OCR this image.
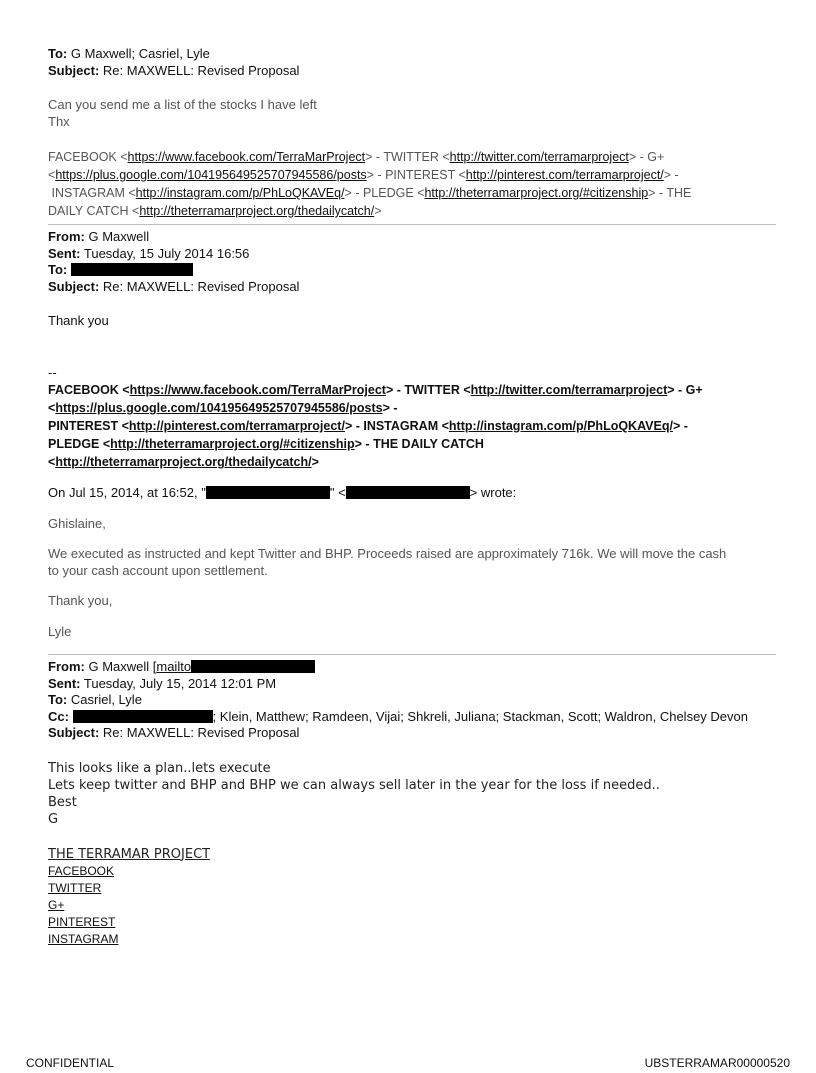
To: G Maxwell; Casriel, Lyle
Subject: Re: MAXWELL: Revised Proposal
Can you send me a list of the stocks I have left
Thx
FACEBOOK <https://www.facebook.com/TerraMarProject> - TWITTER <http://twitter.com/terramarproject> - G+
<https://plus.google.com/104195649525707945586/posts> - PINTEREST <http://pinterest.com/terramarproject/> -
INSTAGRAM <http://instagram.com/p/PhLoQKAVEq/> - PLEDGE <http://theterramarproject.org/#citizenship> - THE
DAILY CATCH <http://theterramarproject.org/thedailycatch/>
From: G Maxwell
Sent: Tuesday, 15 July 2014 16:56
To:
Subject: Re: MAXWELL: Revised Proposal
Thank you
--
FACEBOOK <https://www.facebook.com/TerraMarProject> - TWITTER <http://twitter.com/terramarproject> - G+
<https://plus.google.com/104195649525707945586/posts> -
PINTEREST <http://pinterest.com/terramarproject/> - INSTAGRAM <http://instagram.com/p/PhLoQKAVEq/> -
PLEDGE <http://theterramarproject.org/#citizenship> - THE DAILY CATCH
<http://theterramarproject.org/thedailycatch/>
On Jul 15, 2014, at 16:52, "	" <	> wrote:
Ghislaine,
We executed as instructed and kept Twitter and BHP. Proceeds raised are approximately 716k. We will move the cash
to your cash account upon settlement.
Thank you,
Lyle
From: G Maxwell [mailto
Sent: Tuesday, July 15, 2014 12:01 PM
To: Casriel, Lyle
Cc:	; Klein, Matthew; Ramdeen, Vijai; Shkreli, Juliana; Stackman, Scott; Waldron, Chelsey Devon
Subject: Re: MAXWELL: Revised Proposal
This looks like a plan..lets execute
Lets keep twitter and BHP and BHP we can always sell later in the year for the loss if needed..
Best
G
THE TERRAMAR PROJECT
FACEBOOK
TWITTER
G+
PINTEREST
INSTAGRAM
CONFIDENTIAL	UBSTERRAMAR00000520
